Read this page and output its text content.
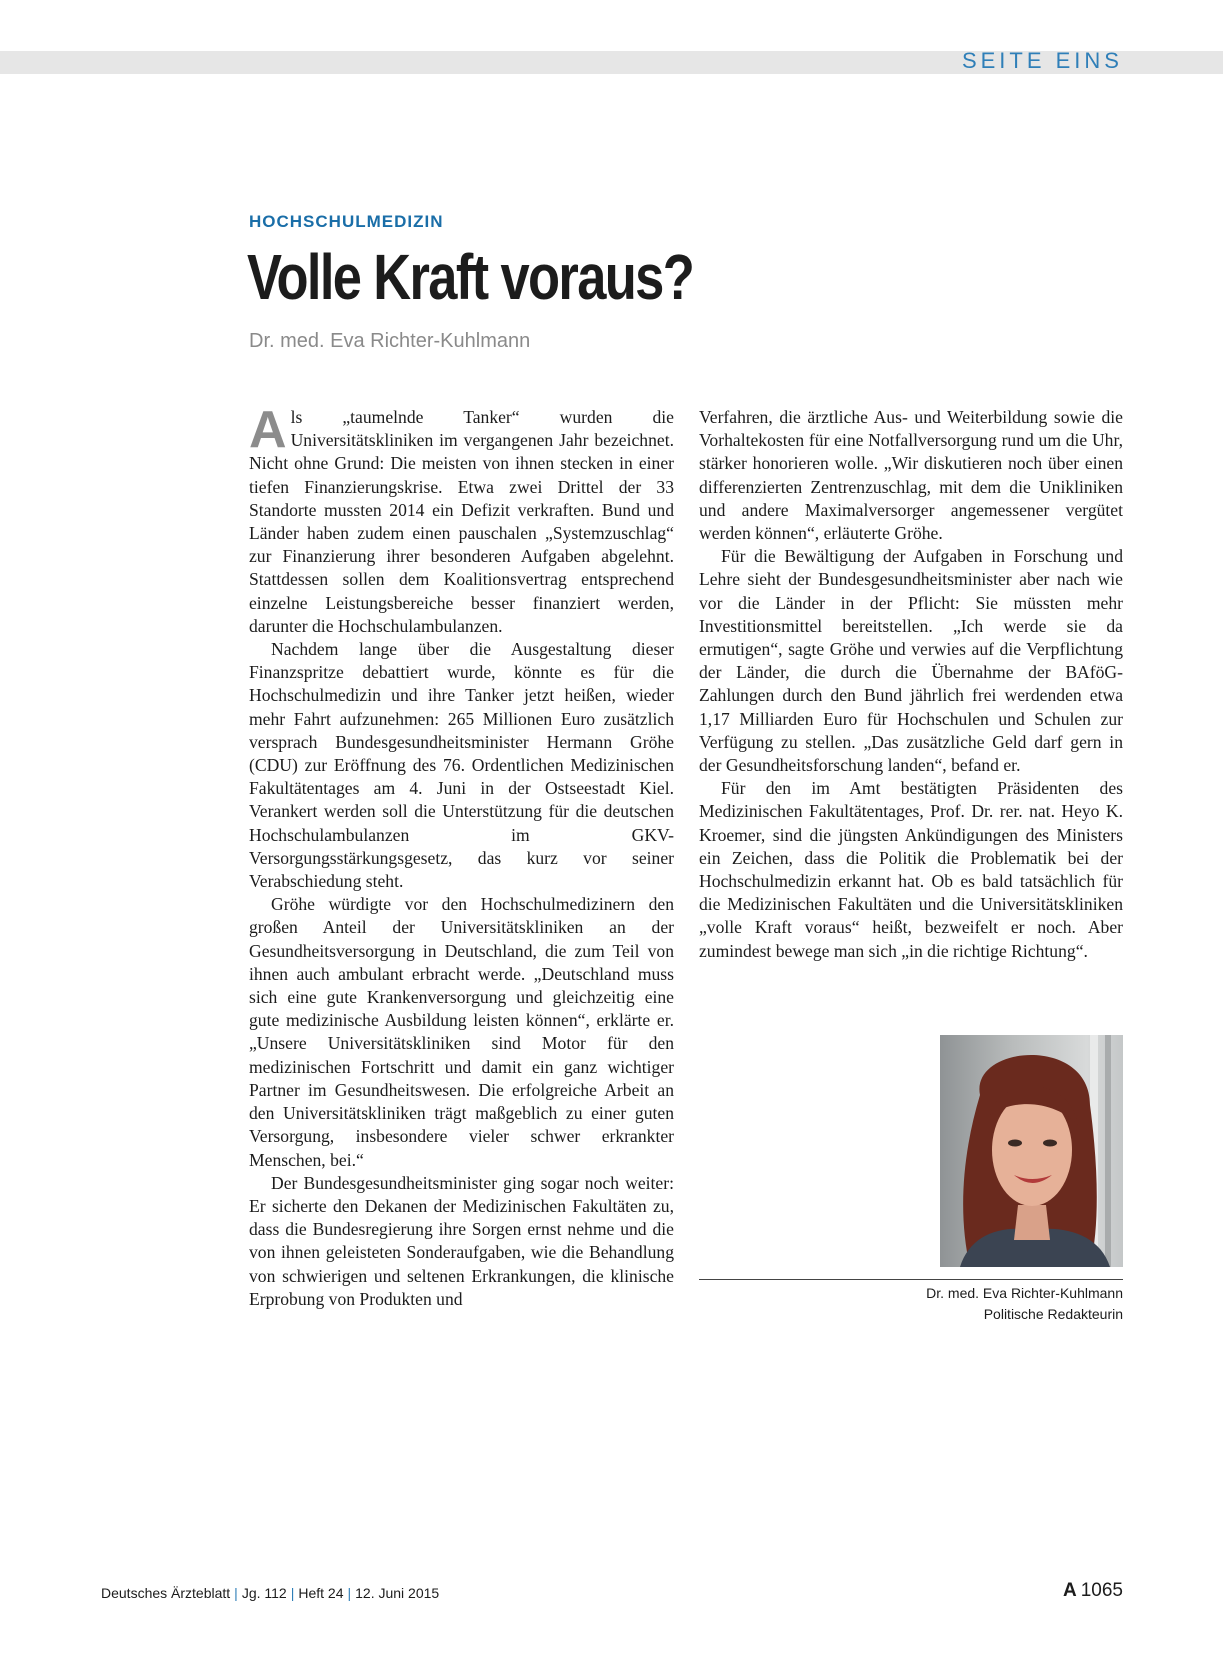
SEITE EINS
HOCHSCHULMEDIZIN
Volle Kraft voraus?
Dr. med. Eva Richter-Kuhlmann

Als „taumelnde Tanker“ wurden die Universitätskliniken im vergangenen Jahr bezeichnet. Nicht ohne Grund: Die meisten von ihnen stecken in einer tiefen Finanzierungskrise. Etwa zwei Drittel der 33 Standorte mussten 2014 ein Defizit verkraften. Bund und Länder haben zudem einen pauschalen „Systemzuschlag“ zur Finanzierung ihrer besonderen Aufgaben abgelehnt. Stattdessen sollen dem Koalitionsvertrag entsprechend einzelne Leistungsbereiche besser finanziert werden, darunter die Hochschulambulanzen.

Nachdem lange über die Ausgestaltung dieser Finanzspritze debattiert wurde, könnte es für die Hochschulmedizin und ihre Tanker jetzt heißen, wieder mehr Fahrt aufzunehmen: 265 Millionen Euro zusätzlich versprach Bundesgesundheitsminister Hermann Gröhe (CDU) zur Eröffnung des 76. Ordentlichen Medizinischen Fakultätentages am 4. Juni in der Ostseestadt Kiel. Verankert werden soll die Unterstützung für die deutschen Hochschulambulanzen im GKV-Versorgungsstärkungsgesetz, das kurz vor seiner Verabschiedung steht.

Gröhe würdigte vor den Hochschulmedizinern den großen Anteil der Universitätskliniken an der Gesundheitsversorgung in Deutschland, die zum Teil von ihnen auch ambulant erbracht werde. „Deutschland muss sich eine gute Krankenversorgung und gleichzeitig eine gute medizinische Ausbildung leisten können“, erklärte er. „Unsere Universitätskliniken sind Motor für den medizinischen Fortschritt und damit ein ganz wichtiger Partner im Gesundheitswesen. Die erfolgreiche Arbeit an den Universitätskliniken trägt maßgeblich zu einer guten Versorgung, insbesondere vieler schwer erkrankter Menschen, bei.“

Der Bundesgesundheitsminister ging sogar noch weiter: Er sicherte den Dekanen der Medizinischen Fakultäten zu, dass die Bundesregierung ihre Sorgen ernst nehme und die von ihnen geleisteten Sonderaufgaben, wie die Behandlung von schwierigen und seltenen Erkrankungen, die klinische Erprobung von Produkten und

Verfahren, die ärztliche Aus- und Weiterbildung sowie die Vorhaltekosten für eine Notfallversorgung rund um die Uhr, stärker honorieren wolle. „Wir diskutieren noch über einen differenzierten Zentrenzuschlag, mit dem die Unikliniken und andere Maximalversorger angemessener vergütet werden können“, erläuterte Gröhe.

Für die Bewältigung der Aufgaben in Forschung und Lehre sieht der Bundesgesundheitsminister aber nach wie vor die Länder in der Pflicht: Sie müssten mehr Investitionsmittel bereitstellen. „Ich werde sie da ermutigen“, sagte Gröhe und verwies auf die Verpflichtung der Länder, die durch die Übernahme der BAföG-Zahlungen durch den Bund jährlich frei werdenden etwa 1,17 Milliarden Euro für Hochschulen und Schulen zur Verfügung zu stellen. „Das zusätzliche Geld darf gern in der Gesundheitsforschung landen“, befand er.

Für den im Amt bestätigten Präsidenten des Medizinischen Fakultätentages, Prof. Dr. rer. nat. Heyo K. Kroemer, sind die jüngsten Ankündigungen des Ministers ein Zeichen, dass die Politik die Problematik bei der Hochschulmedizin erkannt hat. Ob es bald tatsächlich für die Medizinischen Fakultäten und die Universitätskliniken „volle Kraft voraus“ heißt, bezweifelt er noch. Aber zumindest bewege man sich „in die richtige Richtung“.

Dr. med. Eva Richter-Kuhlmann
Politische Redakteurin
Deutsches Ärzteblatt | Jg. 112 | Heft 24 | 12. Juni 2015	A 1065
